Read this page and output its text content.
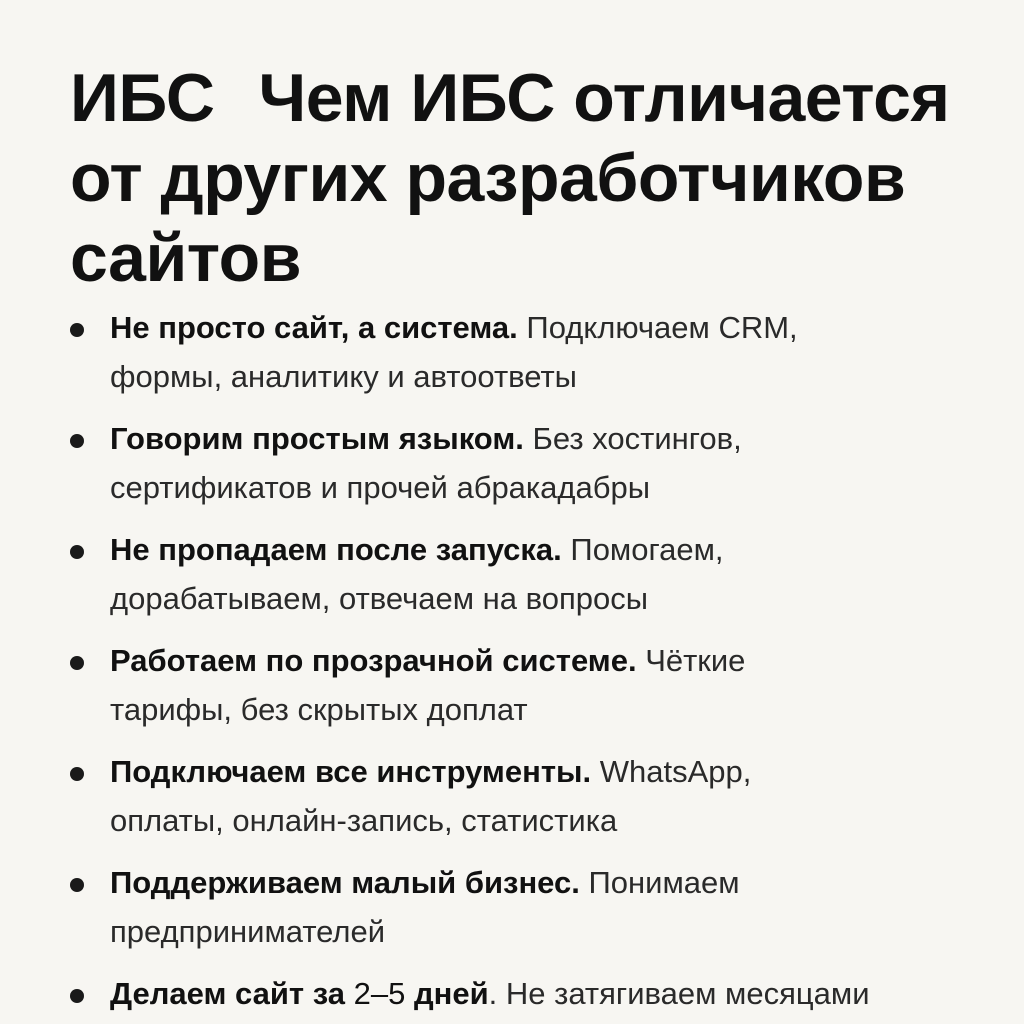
ИБС Чем ИБС отличается от других разработчиков сайтов

Не просто сайт, а система. Подключаем CRM,
формы, аналитику и автоответы

Говорим простым языком. Без хостингов,
сертификатов и прочей абракадабры

Не пропадаем после запуска. Помогаем,
дорабатываем, отвечаем на вопросы

Работаем по прозрачной системе. Чёткие
тарифы, без скрытых доплат

Подключаем все инструменты. WhatsApp,
оплаты, онлайн-запись, статистика

Поддерживаем малый бизнес. Понимаем
предпринимателей

Делаем сайт за 2–5 дней. Не затягиваем месяцами
